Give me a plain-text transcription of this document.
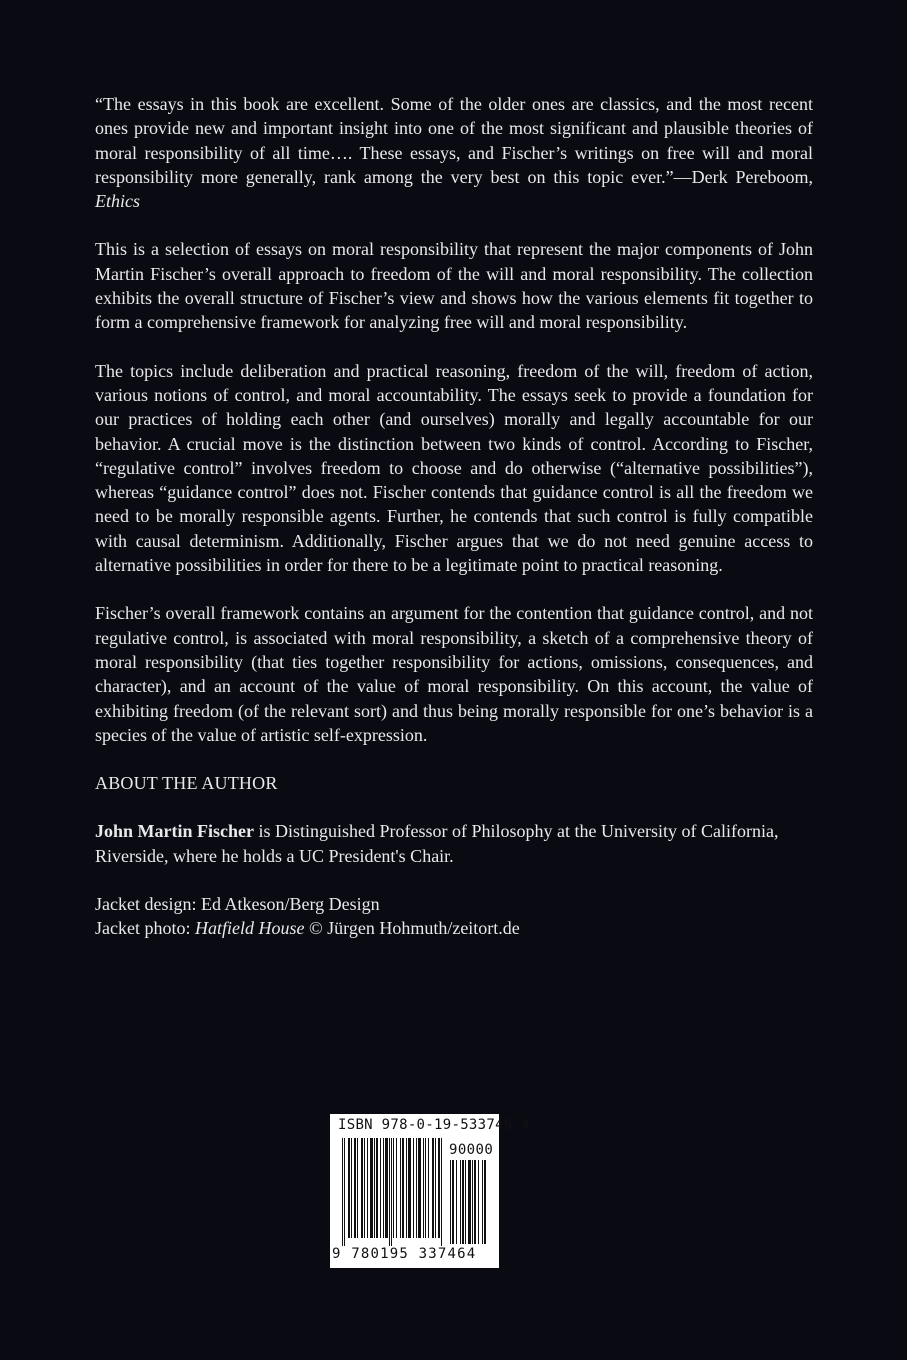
“The essays in this book are excellent. Some of the older ones are classics, and the most recent ones provide new and important insight into one of the most significant and plausible theories of moral responsibility of all time…. These essays, and Fischer’s writings on free will and moral responsibility more generally, rank among the very best on this topic ever.”—Derk Pereboom, Ethics

This is a selection of essays on moral responsibility that represent the major components of John Martin Fischer’s overall approach to freedom of the will and moral responsibility. The collection exhibits the overall structure of Fischer’s view and shows how the various elements fit together to form a comprehensive framework for analyzing free will and moral responsibility.

The topics include deliberation and practical reasoning, freedom of the will, freedom of action, various notions of control, and moral accountability. The essays seek to provide a foundation for our practices of holding each other (and ourselves) morally and legally accountable for our behavior. A crucial move is the distinction between two kinds of control. According to Fischer, “regulative control” involves freedom to choose and do otherwise (“alternative possibilities”), whereas “guidance control” does not. Fischer contends that guidance control is all the freedom we need to be morally responsible agents. Further, he contends that such control is fully compatible with causal determinism. Additionally, Fischer argues that we do not need genuine access to alternative possibilities in order for there to be a legitimate point to practical reasoning.

Fischer’s overall framework contains an argument for the contention that guidance control, and not regulative control, is associated with moral responsibility, a sketch of a comprehensive theory of moral responsibility (that ties together responsibility for actions, omissions, consequences, and character), and an account of the value of moral responsibility. On this account, the value of exhibiting freedom (of the relevant sort) and thus being morally responsible for one’s behavior is a species of the value of artistic self-expression.

ABOUT THE AUTHOR

John Martin Fischer is Distinguished Professor of Philosophy at the University of California, Riverside, where he holds a UC President's Chair.

Jacket design: Ed Atkeson/Berg Design

Jacket photo: Hatfield House © Jürgen Hohmuth/zeitort.de

ISBN 978-0-19-533746-4
90000
9 780195 337464
